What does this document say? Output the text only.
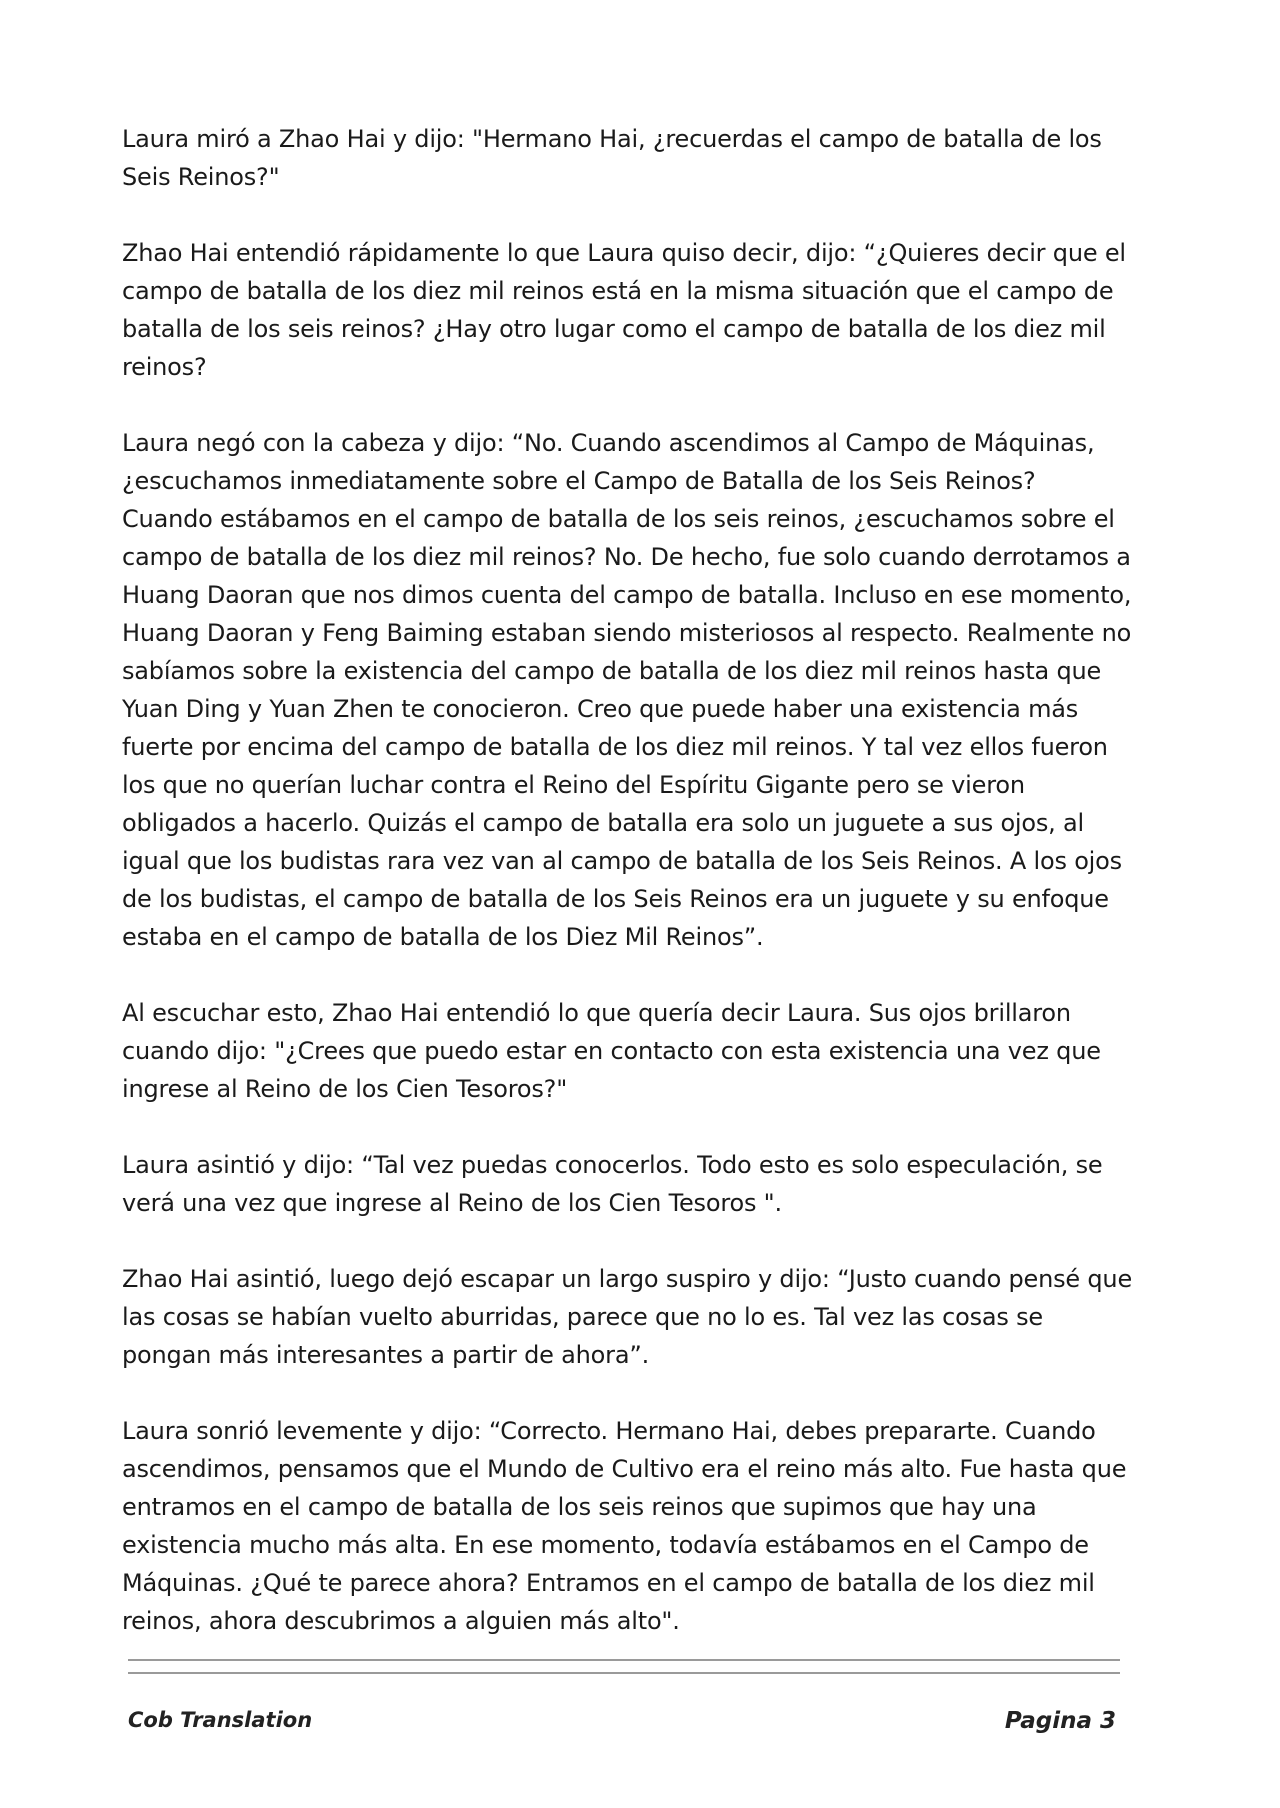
Laura miró a Zhao Hai y dijo: "Hermano Hai, ¿recuerdas el campo de batalla de los Seis Reinos?"

Zhao Hai entendió rápidamente lo que Laura quiso decir, dijo: “¿Quieres decir que el campo de batalla de los diez mil reinos está en la misma situación que el campo de batalla de los seis reinos? ¿Hay otro lugar como el campo de batalla de los diez mil reinos?

Laura negó con la cabeza y dijo: “No. Cuando ascendimos al Campo de Máquinas, ¿escuchamos inmediatamente sobre el Campo de Batalla de los Seis Reinos? Cuando estábamos en el campo de batalla de los seis reinos, ¿escuchamos sobre el campo de batalla de los diez mil reinos? No. De hecho, fue solo cuando derrotamos a Huang Daoran que nos dimos cuenta del campo de batalla. Incluso en ese momento, Huang Daoran y Feng Baiming estaban siendo misteriosos al respecto. Realmente no sabíamos sobre la existencia del campo de batalla de los diez mil reinos hasta que Yuan Ding y Yuan Zhen te conocieron. Creo que puede haber una existencia más fuerte por encima del campo de batalla de los diez mil reinos. Y tal vez ellos fueron los que no querían luchar contra el Reino del Espíritu Gigante pero se vieron obligados a hacerlo. Quizás el campo de batalla era solo un juguete a sus ojos, al igual que los budistas rara vez van al campo de batalla de los Seis Reinos. A los ojos de los budistas, el campo de batalla de los Seis Reinos era un juguete y su enfoque estaba en el campo de batalla de los Diez Mil Reinos”.

Al escuchar esto, Zhao Hai entendió lo que quería decir Laura. Sus ojos brillaron cuando dijo: "¿Crees que puedo estar en contacto con esta existencia una vez que ingrese al Reino de los Cien Tesoros?"

Laura asintió y dijo: “Tal vez puedas conocerlos. Todo esto es solo especulación, se verá una vez que ingrese al Reino de los Cien Tesoros ".

Zhao Hai asintió, luego dejó escapar un largo suspiro y dijo: “Justo cuando pensé que las cosas se habían vuelto aburridas, parece que no lo es. Tal vez las cosas se pongan más interesantes a partir de ahora”.

Laura sonrió levemente y dijo: “Correcto. Hermano Hai, debes prepararte. Cuando ascendimos, pensamos que el Mundo de Cultivo era el reino más alto. Fue hasta que entramos en el campo de batalla de los seis reinos que supimos que hay una existencia mucho más alta. En ese momento, todavía estábamos en el Campo de Máquinas. ¿Qué te parece ahora? Entramos en el campo de batalla de los diez mil reinos, ahora descubrimos a alguien más alto".

Cob Translation	Pagina 3
